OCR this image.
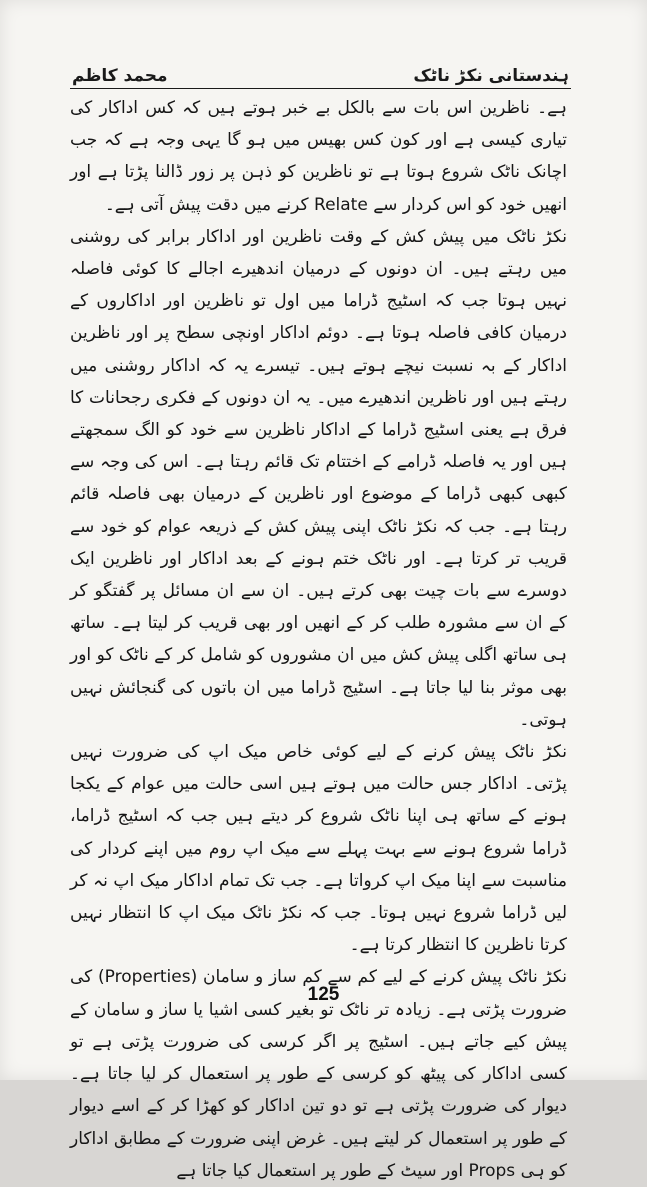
ہندستانی نکڑ ناٹک
محمد کاظم

ہے۔ ناظرین اس بات سے بالکل بے خبر ہوتے ہیں کہ کس اداکار کی تیاری کیسی ہے اور کون کس بھیس میں ہو گا یہی وجہ ہے کہ جب اچانک ناٹک شروع ہوتا ہے تو ناظرین کو ذہن پر زور ڈالنا پڑتا ہے اور انھیں خود کو اس کردار سے Relate کرنے میں دقت پیش آتی ہے۔

نکڑ ناٹک میں پیش کش کے وقت ناظرین اور اداکار برابر کی روشنی میں رہتے ہیں۔ ان دونوں کے درمیان اندھیرے اجالے کا کوئی فاصلہ نہیں ہوتا جب کہ اسٹیج ڈراما میں اول تو ناظرین اور اداکاروں کے درمیان کافی فاصلہ ہوتا ہے۔ دوئم اداکار اونچی سطح پر اور ناظرین اداکار کے بہ نسبت نیچے ہوتے ہیں۔ تیسرے یہ کہ اداکار روشنی میں رہتے ہیں اور ناظرین اندھیرے میں۔ یہ ان دونوں کے فکری رجحانات کا فرق ہے یعنی اسٹیج ڈراما کے اداکار ناظرین سے خود کو الگ سمجھتے ہیں اور یہ فاصلہ ڈرامے کے اختتام تک قائم رہتا ہے۔ اس کی وجہ سے کبھی کبھی ڈراما کے موضوع اور ناظرین کے درمیان بھی فاصلہ قائم رہتا ہے۔ جب کہ نکڑ ناٹک اپنی پیش کش کے ذریعہ عوام کو خود سے قریب تر کرتا ہے۔ اور ناٹک ختم ہونے کے بعد اداکار اور ناظرین ایک دوسرے سے بات چیت بھی کرتے ہیں۔ ان سے ان مسائل پر گفتگو کر کے ان سے مشورہ طلب کر کے انھیں اور بھی قریب کر لیتا ہے۔ ساتھ ہی ساتھ اگلی پیش کش میں ان مشوروں کو شامل کر کے ناٹک کو اور بھی موثر بنا لیا جاتا ہے۔ اسٹیج ڈراما میں ان باتوں کی گنجائش نہیں ہوتی۔

نکڑ ناٹک پیش کرنے کے لیے کوئی خاص میک اپ کی ضرورت نہیں پڑتی۔ اداکار جس حالت میں ہوتے ہیں اسی حالت میں عوام کے یکجا ہونے کے ساتھ ہی اپنا ناٹک شروع کر دیتے ہیں جب کہ اسٹیج ڈراما، ڈراما شروع ہونے سے بہت پہلے سے میک اپ روم میں اپنے کردار کی مناسبت سے اپنا میک اپ کرواتا ہے۔ جب تک تمام اداکار میک اپ نہ کر لیں ڈراما شروع نہیں ہوتا۔ جب کہ نکڑ ناٹک میک اپ کا انتظار نہیں کرتا ناظرین کا انتظار کرتا ہے۔

نکڑ ناٹک پیش کرنے کے لیے کم سے کم ساز و سامان (Properties) کی ضرورت پڑتی ہے۔ زیادہ تر ناٹک تو بغیر کسی اشیا یا ساز و سامان کے پیش کیے جاتے ہیں۔ اسٹیج پر اگر کرسی کی ضرورت پڑتی ہے تو کسی اداکار کی پیٹھ کو کرسی کے طور پر استعمال کر لیا جاتا ہے۔ دیوار کی ضرورت پڑتی ہے تو دو تین اداکار کو کھڑا کر کے اسے دیوار کے طور پر استعمال کر لیتے ہیں۔ غرض اپنی ضرورت کے مطابق اداکار کو ہی Props اور سیٹ کے طور پر استعمال کیا جاتا ہے

125
